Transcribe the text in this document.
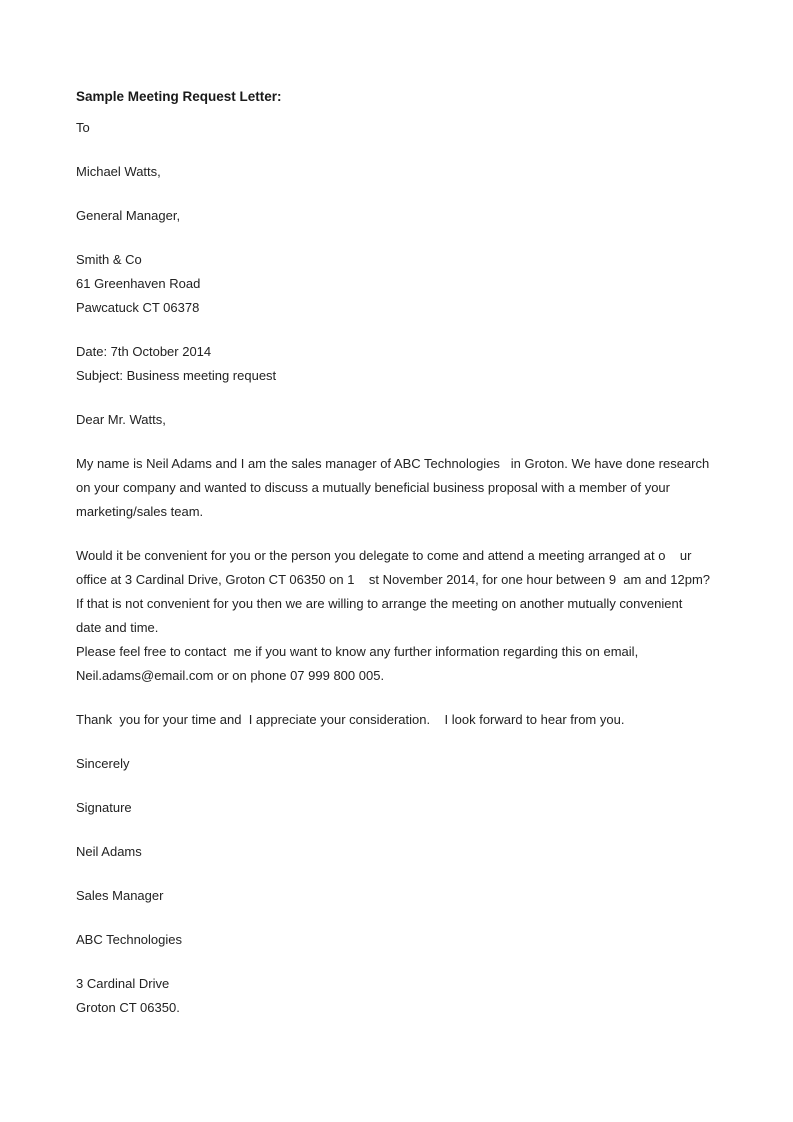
Sample Meeting Request Letter:
To
Michael Watts,
General Manager,
Smith & Co
61 Greenhaven Road
Pawcatuck CT 06378
Date: 7th October 2014
Subject: Business meeting request
Dear Mr. Watts,
My name is Neil Adams and I am the sales manager of ABC Technologies   in Groton. We have done research
on your company and wanted to discuss a mutually beneficial business proposal with a member of your
marketing/sales team.
Would it be convenient for you or the person you delegate to come and attend a meeting arranged at o    ur
office at 3 Cardinal Drive, Groton CT 06350 on 1    st November 2014, for one hour between 9  am and 12pm?
If that is not convenient for you then we are willing to arrange the meeting on another mutually convenient
date and time.
Please feel free to contact  me if you want to know any further information regarding this on email,
Neil.adams@email.com or on phone 07 999 800 005.
Thank  you for your time and  I appreciate your consideration.    I look forward to hear from you.
Sincerely
Signature
Neil Adams
Sales Manager
ABC Technologies
3 Cardinal Drive
Groton CT 06350.
